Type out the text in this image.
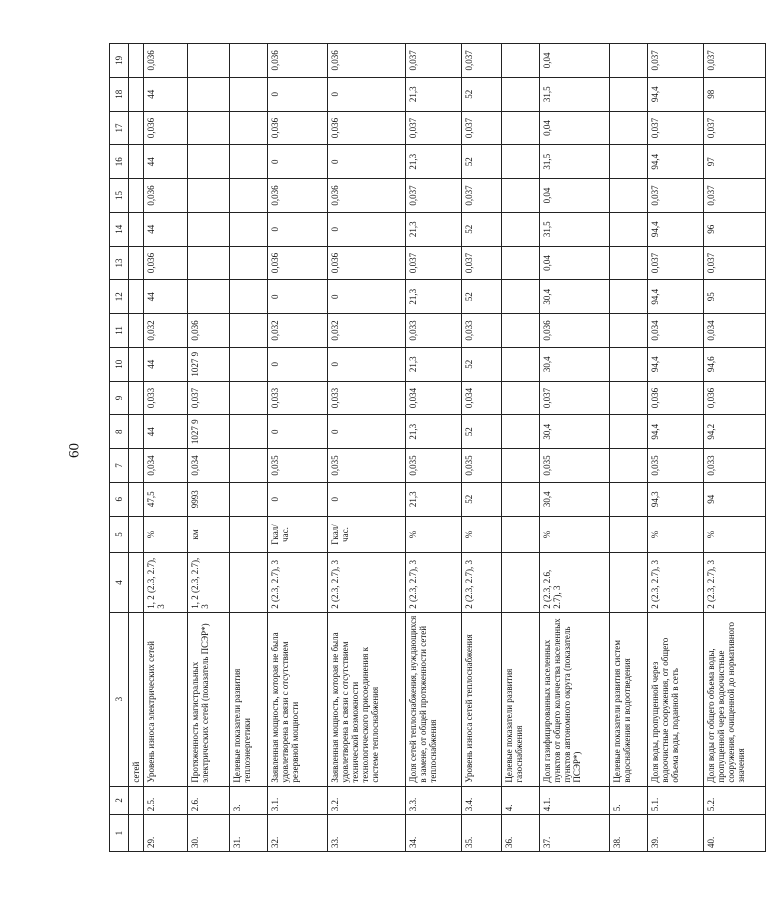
60
1	2	3	4	5	6	7	8	9	10	11	12	13	14	15	16	17	18	19
		сетей																
29.	2.5.	Уровень износа электрических сетей	1, 2 (2.3, 2.7), 3	%	47,5	0,034	44	0,033	44	0,032	44	0,036	44	0,036	44	0,036	44	0,036
30.	2.6.	Протяженность магистральных электрических сетей (показатель ПСЭР*)	1, 2 (2.3, 2.7), 3	км	9993	0,034	1027 9	0,037	1027 9	0,036								
31.	3.	Целевые показатели развития теплоэнергетики																
32.	3.1.	Заявленная мощность, которая не была удовлетворена в связи с отсутствием резервной мощности	2 (2.3, 2.7), 3	Гкал/ час.	0	0,035	0	0,033	0	0,032	0	0,036	0	0,036	0	0,036	0	0,036
33.	3.2.	Заявленная мощность, которая не была удовлетворена в связи с отсутствием технической возможности технологического присоединения к системе теплоснабжения	2 (2.3, 2.7), 3	Гкал/ час.	0	0,035	0	0,033	0	0,032	0	0,036	0	0,036	0	0,036	0	0,036
34.	3.3.	Доля сетей теплоснабжения, нуждающихся в замене, от общей протяженности сетей теплоснабжения	2 (2.3, 2.7), 3	%	21,3	0,035	21,3	0,034	21,3	0,033	21,3	0,037	21,3	0,037	21,3	0,037	21,3	0,037
35.	3.4.	Уровень износа сетей теплоснабжения	2 (2.3, 2.7), 3	%	52	0,035	52	0,034	52	0,033	52	0,037	52	0,037	52	0,037	52	0,037
36.	4.	Целевые показатели развития газоснабжения																
37.	4.1.	Доля газифицированных населенных пунктов от общего количества населенных пунктов автономного округа (показатель ПСЭР*)	2 (2.3, 2.6, 2.7), 3	%	30,4	0,035	30,4	0,037	30,4	0,036	30,4	0,04	31,5	0,04	31,5	0,04	31,5	0,04
38.	5.	Целевые показатели развития систем водоснабжения и водоотведения																
39.	5.1.	Доля воды, пропущенной через водоочистные сооружения, от общего объема воды, поданной в сеть	2 (2.3, 2.7), 3	%	94,3	0,035	94,4	0,036	94,4	0,034	94,4	0,037	94,4	0,037	94,4	0,037	94,4	0,037
40.	5.2.	Доля воды от общего объема воды, пропущенной через водоочистные сооружения, очищенной до нормативного значения	2 (2.3, 2.7), 3	%	94	0,033	94,2	0,036	94,6	0,034	95	0,037	96	0,037	97	0,037	98	0,037
